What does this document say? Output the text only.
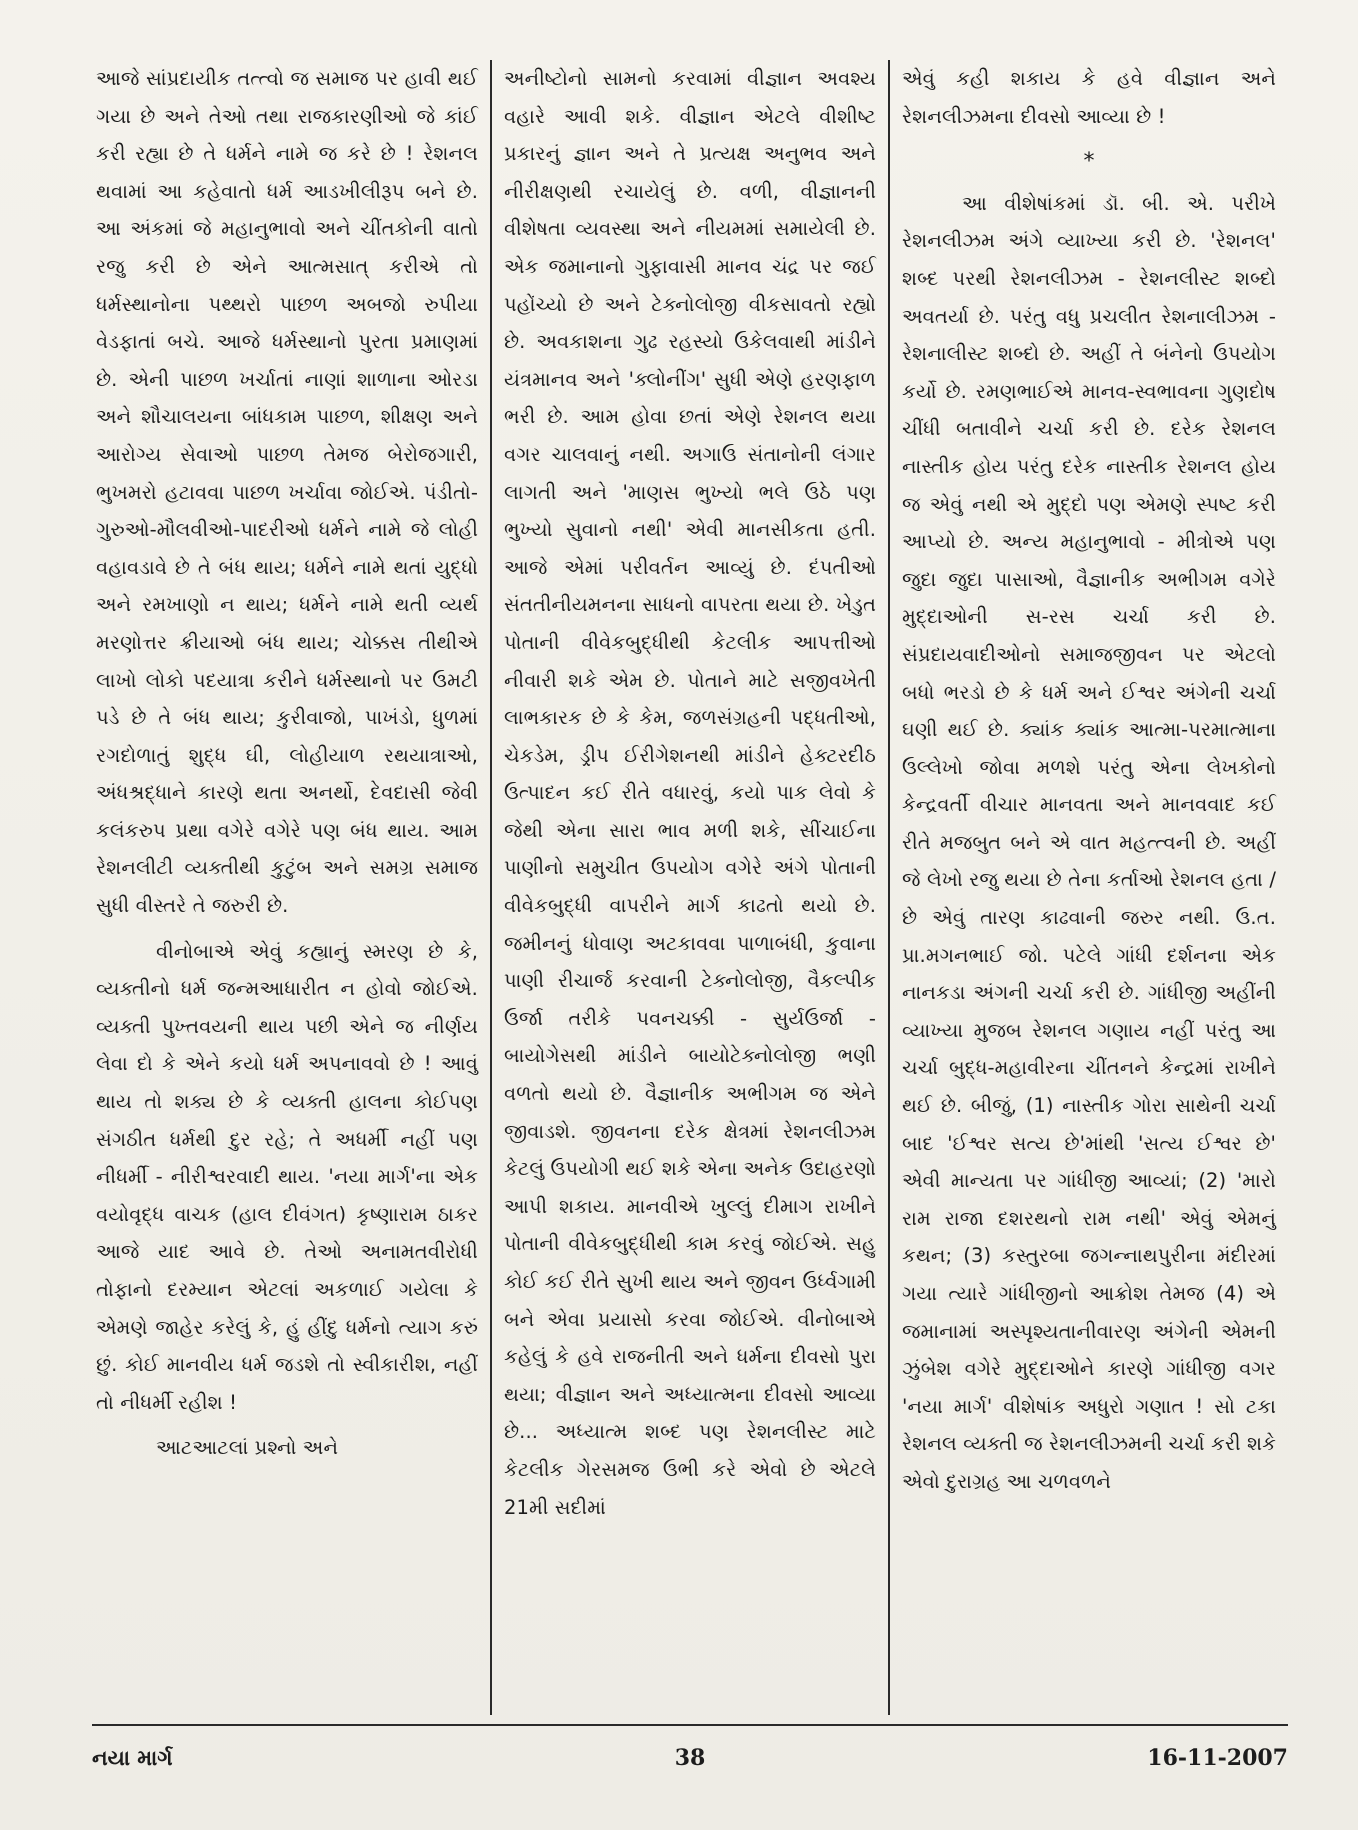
આજે સાંપ્રદાયીક તત્ત્વો જ સમાજ પર હાવી થઈ ગયા છે અને તેઓ તથા રાજકારણીઓ જે કાંઈ કરી રહ્યા છે તે ધર્મને નામે જ કરે છે ! રેશનલ થવામાં આ કહેવાતો ધર્મ આડખીલીરૂપ બને છે. આ અંકમાં જે મહાનુભાવો અને ચીંતકોની વાતો રજુ કરી છે એને આત્મસાત્ કરીએ તો ધર્મસ્થાનોના પથ્થરો પાછળ અબજો રુપીયા વેડફાતાં બચે. આજે ધર્મસ્થાનો પુરતા પ્રમાણમાં છે. એની પાછળ ખર્ચાતાં નાણાં શાળાના ઓરડા અને શૌચાલયના બાંધકામ પાછળ, શીક્ષણ અને આરોગ્ય સેવાઓ પાછળ તેમજ બેરોજગારી, ભુખમરો હટાવવા પાછળ ખર્ચાવા જોઈએ. પંડીતો-ગુરુઓ-મૌલવીઓ-પાદરીઓ ધર્મને નામે જે લોહી વહાવડાવે છે તે બંધ થાય; ધર્મને નામે થતાં યુદ્ધો અને રમખાણો ન થાય; ધર્મને નામે થતી વ્યર્થ મરણોત્તર ક્રીયાઓ બંધ થાય; ચોક્કસ તીથીએ લાખો લોકો પદયાત્રા કરીને ધર્મસ્થાનો પર ઉમટી પડે છે તે બંધ થાય; કુરીવાજો, પાખંડો, ધુળમાં રગદોળાતું શુદ્ધ ઘી, લોહીયાળ રથયાત્રાઓ, અંધશ્રદ્ધાને કારણે થતા અનર્થો, દેવદાસી જેવી કલંકરુપ પ્રથા વગેરે વગેરે પણ બંધ થાય. આમ રેશનલીટી વ્યક્તીથી કુટુંબ અને સમગ્ર સમાજ સુધી વીસ્તરે તે જરુરી છે.

વીનોબાએ એવું કહ્યાનું સ્મરણ છે કે, વ્યક્તીનો ધર્મ જન્મઆધારીત ન હોવો જોઈએ. વ્યક્તી પુખ્તવયની થાય પછી એને જ નીર્ણય લેવા દો કે એને કયો ધર્મ અપનાવવો છે ! આવું થાય તો શક્ય છે કે વ્યક્તી હાલના કોઈપણ સંગઠીત ધર્મથી દુર રહે; તે અધર્મી નહીં પણ નીધર્મી - નીરીશ્વરવાદી થાય. 'નયા માર્ગ'ના એક વયોવૃદ્ધ વાચક (હાલ દીવંગત) કૃષ્ણારામ ઠાકર આજે યાદ આવે છે. તેઓ અનામતવીરોધી તોફાનો દરમ્યાન એટલાં અકળાઈ ગયેલા કે એમણે જાહેર કરેલું કે, હું હીંદુ ધર્મનો ત્યાગ કરું છું. કોઈ માનવીય ધર્મ જડશે તો સ્વીકારીશ, નહીં તો નીધર્મી રહીશ !

આટઆટલાં પ્રશ્નો અને

અનીષ્ટોનો સામનો કરવામાં વીજ્ઞાન અવશ્ય વહારે આવી શકે. વીજ્ઞાન એટલે વીશીષ્ટ પ્રકારનું જ્ઞાન અને તે પ્રત્યક્ષ અનુભવ અને નીરીક્ષણથી રચાયેલું છે. વળી, વીજ્ઞાનની વીશેષતા વ્યવસ્થા અને નીયમમાં સમાયેલી છે. એક જમાનાનો ગુફાવાસી માનવ ચંદ્ર પર જઈ પહોંચ્યો છે અને ટેક્નોલોજી વીકસાવતો રહ્યો છે. અવકાશના ગુઢ રહસ્યો ઉકેલવાથી માંડીને યંત્રમાનવ અને 'ક્લોનીંગ' સુધી એણે હરણફાળ ભરી છે. આમ હોવા છતાં એણે રેશનલ થયા વગર ચાલવાનું નથી. અગાઉ સંતાનોની લંગાર લાગતી અને 'માણસ ભુખ્યો ભલે ઉઠે પણ ભુખ્યો સુવાનો નથી' એવી માનસીકતા હતી. આજે એમાં પરીવર્તન આવ્યું છે. દંપતીઓ સંતતીનીયમનના સાધનો વાપરતા થયા છે. ખેડુત પોતાની વીવેકબુદ્ધીથી કેટલીક આપત્તીઓ નીવારી શકે એમ છે. પોતાને માટે સજીવખેતી લાભકારક છે કે કેમ, જળસંગ્રહની પદ્ધતીઓ, ચેકડેમ, ડ્રીપ ઈરીગેશનથી માંડીને હેક્ટરદીઠ ઉત્પાદન કઈ રીતે વધારવું, કયો પાક લેવો કે જેથી એના સારા ભાવ મળી શકે, સીંચાઈના પાણીનો સમુચીત ઉપયોગ વગેરે અંગે પોતાની વીવેકબુદ્ધી વાપરીને માર્ગ કાઢતો થયો છે. જમીનનું ધોવાણ અટકાવવા પાળાબંધી, કુવાના પાણી રીચાર્જ કરવાની ટેક્નોલોજી, વૈકલ્પીક ઉર્જા તરીકે પવનચક્કી - સુર્યઉર્જા - બાયોગેસથી માંડીને બાયોટેક્નોલોજી ભણી વળતો થયો છે. વૈજ્ઞાનીક અભીગમ જ એને જીવાડશે. જીવનના દરેક ક્ષેત્રમાં રેશનલીઝમ કેટલું ઉપયોગી થઈ શકે એના અનેક ઉદાહરણો આપી શકાય. માનવીએ ખુલ્લું દીમાગ રાખીને પોતાની વીવેકબુદ્ધીથી કામ કરવું જોઈએ. સહુ કોઈ કઈ રીતે સુખી થાય અને જીવન ઉર્ધ્વગામી બને એવા પ્રયાસો કરવા જોઈએ. વીનોબાએ કહેલું કે હવે રાજનીતી અને ધર્મના દીવસો પુરા થયા; વીજ્ઞાન અને અધ્યાત્મના દીવસો આવ્યા છે... અધ્યાત્મ શબ્દ પણ રેશનલીસ્ટ માટે કેટલીક ગેરસમજ ઉભી કરે એવો છે એટલે 21મી સદીમાં

એવું કહી શકાય કે હવે વીજ્ઞાન અને રેશનલીઝમના દીવસો આવ્યા છે !

*

આ વીશેષાંકમાં ડૉ. બી. એ. પરીખે રેશનલીઝમ અંગે વ્યાખ્યા કરી છે. 'રેશનલ' શબ્દ પરથી રેશનલીઝમ - રેશનલીસ્ટ શબ્દો અવતર્યા છે. પરંતુ વધુ પ્રચલીત રેશનાલીઝમ - રેશનાલીસ્ટ શબ્દો છે. અહીં તે બંનેનો ઉપયોગ કર્યો છે. રમણભાઈએ માનવ-સ્વભાવના ગુણદોષ ચીંધી બતાવીને ચર્ચા કરી છે. દરેક રેશનલ નાસ્તીક હોય પરંતુ દરેક નાસ્તીક રેશનલ હોય જ એવું નથી એ મુદ્દો પણ એમણે સ્પષ્ટ કરી આપ્યો છે. અન્ય મહાનુભાવો - મીત્રોએ પણ જુદા જુદા પાસાઓ, વૈજ્ઞાનીક અભીગમ વગેરે મુદ્દાઓની સ-રસ ચર્ચા કરી છે. સંપ્રદાયવાદીઓનો સમાજજીવન પર એટલો બધો ભરડો છે કે ધર્મ અને ઈશ્વર અંગેની ચર્ચા ઘણી થઈ છે. ક્યાંક ક્યાંક આત્મા-પરમાત્માના ઉલ્લેખો જોવા મળશે પરંતુ એના લેખકોનો કેન્દ્રવર્તી વીચાર માનવતા અને માનવવાદ કઈ રીતે મજબુત બને એ વાત મહત્ત્વની છે. અહીં જે લેખો રજુ થયા છે તેના કર્તાઓ રેશનલ હતા / છે એવું તારણ કાઢવાની જરુર નથી. ઉ.ત. પ્રા.મગનભાઈ જો. પટેલે ગાંધી દર્શનના એક નાનકડા અંગની ચર્ચા કરી છે. ગાંધીજી અહીંની વ્યાખ્યા મુજબ રેશનલ ગણાય નહીં પરંતુ આ ચર્ચા બુદ્ધ-મહાવીરના ચીંતનને કેન્દ્રમાં રાખીને થઈ છે. બીજું, (1) નાસ્તીક ગોરા સાથેની ચર્ચા બાદ 'ઈશ્વર સત્ય છે'માંથી 'સત્ય ઈશ્વર છે' એવી માન્યતા પર ગાંધીજી આવ્યાં; (2) 'મારો રામ રાજા દશરથનો રામ નથી' એવું એમનું કથન; (3) કસ્તુરબા જગન્નાથપુરીના મંદીરમાં ગયા ત્યારે ગાંધીજીનો આક્રોશ તેમજ (4) એ જમાનામાં અસ્પૃશ્યતાનીવારણ અંગેની એમની ઝુંબેશ વગેરે મુદ્દાઓને કારણે ગાંધીજી વગર 'નયા માર્ગ' વીશેષાંક અધુરો ગણાત ! સો ટકા રેશનલ વ્યક્તી જ રેશનલીઝમની ચર્ચા કરી શકે એવો દુરાગ્રહ આ ચળવળને

નયા માર્ગ	38	16-11-2007
